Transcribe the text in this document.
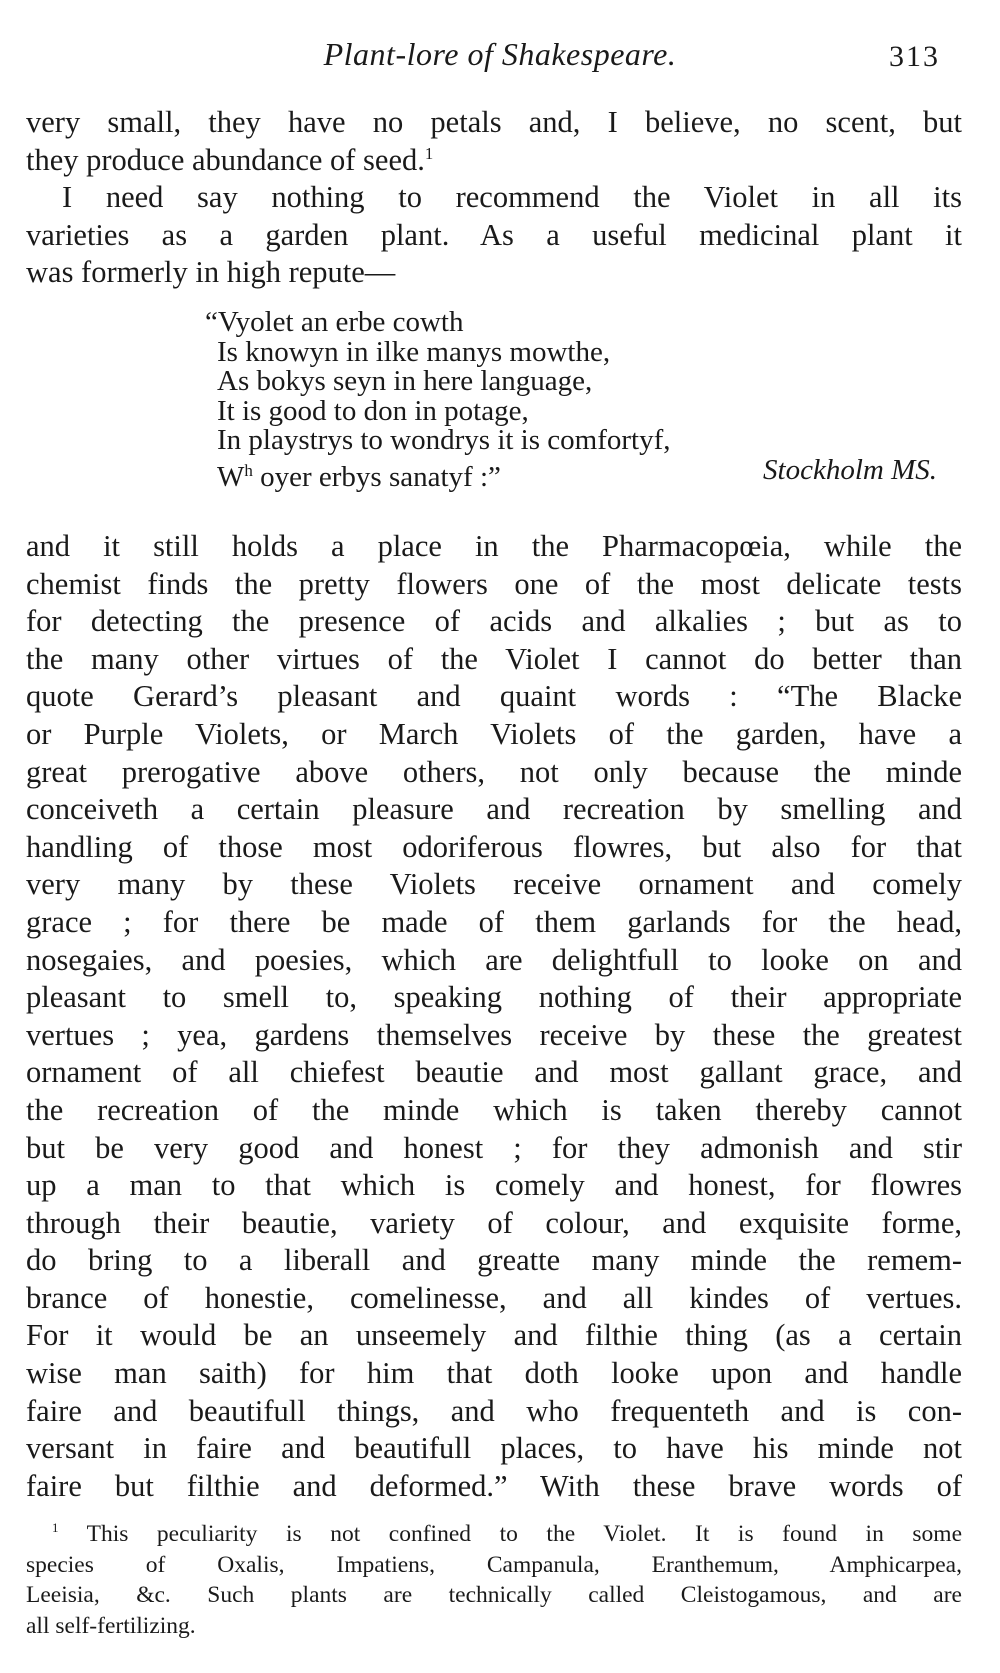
Plant-lore of Shakespeare.	313
very small, they have no petals and, I believe, no scent, but
they produce abundance of seed.$^1$
I need say nothing to recommend the Violet in all its
varieties as a garden plant. As a useful medicinal plant it
was formerly in high repute—
“Vyolet an erbe cowth
Is knowyn in ilke manys mowthe,
As bokys seyn in here language,
It is good to don in potage,
In playstrys to wondrys it is comfortyf,
$W^h$ oyer erbys sanatyf :”	Stockholm MS.
and it still holds a place in the Pharmacopœia, while the
chemist finds the pretty flowers one of the most delicate tests
for detecting the presence of acids and alkalies ; but as to
the many other virtues of the Violet I cannot do better than
quote Gerard’s pleasant and quaint words : “The Blacke
or Purple Violets, or March Violets of the garden, have a
great prerogative above others, not only because the minde
conceiveth a certain pleasure and recreation by smelling and
handling of those most odoriferous flowres, but also for that
very many by these Violets receive ornament and comely
grace ; for there be made of them garlands for the head,
nosegaies, and poesies, which are delightfull to looke on and
pleasant to smell to, speaking nothing of their appropriate
vertues ; yea, gardens themselves receive by these the greatest
ornament of all chiefest beautie and most gallant grace, and
the recreation of the minde which is taken thereby cannot
but be very good and honest ; for they admonish and stir
up a man to that which is comely and honest, for flowres
through their beautie, variety of colour, and exquisite forme,
do bring to a liberall and greatte many minde the remem-
brance of honestie, comelinesse, and all kindes of vertues.
For it would be an unseemely and filthie thing (as a certain
wise man saith) for him that doth looke upon and handle
faire and beautifull things, and who frequenteth and is con-
versant in faire and beautifull places, to have his minde not
faire but filthie and deformed.” With these brave words of
$^1$ This peculiarity is not confined to the Violet. It is found in some
species of Oxalis, Impatiens, Campanula, Eranthemum, Amphicarpea,
Leeisia, &c. Such plants are technically called Cleistogamous, and are
all self-fertilizing.
